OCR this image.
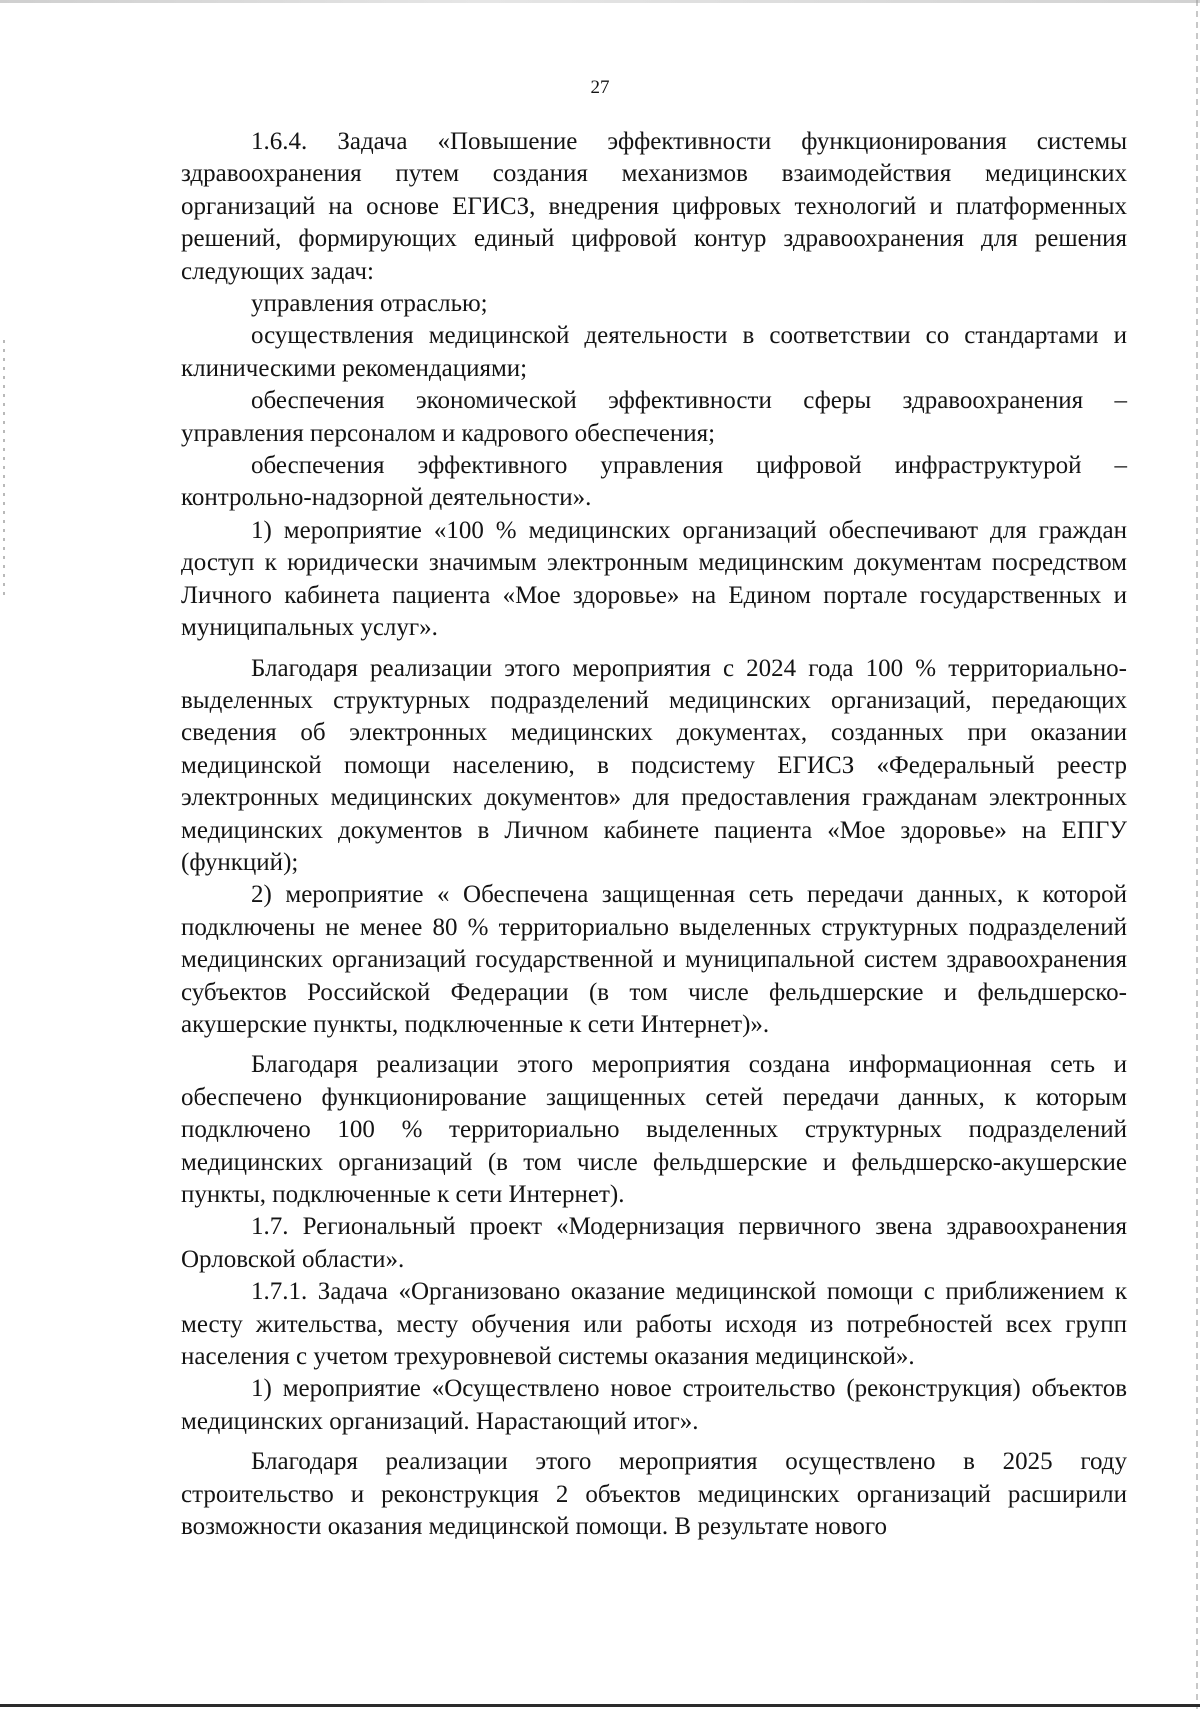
27

1.6.4. Задача «Повышение эффективности функционирования системы здравоохранения путем создания механизмов взаимодействия медицинских организаций на основе ЕГИСЗ, внедрения цифровых технологий и платформенных решений, формирующих единый цифровой контур здравоохранения для решения следующих задач:

управления отраслью;

осуществления медицинской деятельности в соответствии со стандартами и клиническими рекомендациями;

обеспечения экономической эффективности сферы здравоохранения – управления персоналом и кадрового обеспечения;

обеспечения эффективного управления цифровой инфраструктурой – контрольно-надзорной деятельности».

1) мероприятие «100 % медицинских организаций обеспечивают для граждан доступ к юридически значимым электронным медицинским документам посредством Личного кабинета пациента «Мое здоровье» на Едином портале государственных и муниципальных услуг».

Благодаря реализации этого мероприятия с 2024 года 100 % территориально-выделенных структурных подразделений медицинских организаций, передающих сведения об электронных медицинских документах, созданных при оказании медицинской помощи населению, в подсистему ЕГИСЗ «Федеральный реестр электронных медицинских документов» для предоставления гражданам электронных медицинских документов в Личном кабинете пациента «Мое здоровье» на ЕПГУ (функций);

2) мероприятие « Обеспечена защищенная сеть передачи данных, к которой подключены не менее 80 % территориально выделенных структурных подразделений медицинских организаций государственной и муниципальной систем здравоохранения субъектов Российской Федерации (в том числе фельдшерские и фельдшерско-акушерские пункты, подключенные к сети Интернет)».

Благодаря реализации этого мероприятия создана информационная сеть и обеспечено функционирование защищенных сетей передачи данных, к которым подключено 100 % территориально выделенных структурных подразделений медицинских организаций (в том числе фельдшерские и фельдшерско-акушерские пункты, подключенные к сети Интернет).

1.7. Региональный проект «Модернизация первичного звена здравоохранения Орловской области».

1.7.1. Задача «Организовано оказание медицинской помощи с приближением к месту жительства, месту обучения или работы исходя из потребностей всех групп населения с учетом трехуровневой системы оказания медицинской».

1) мероприятие «Осуществлено новое строительство (реконструкция) объектов медицинских организаций. Нарастающий итог».

Благодаря реализации этого мероприятия осуществлено в 2025 году строительство и реконструкция 2 объектов медицинских организаций расширили возможности оказания медицинской помощи. В результате нового
